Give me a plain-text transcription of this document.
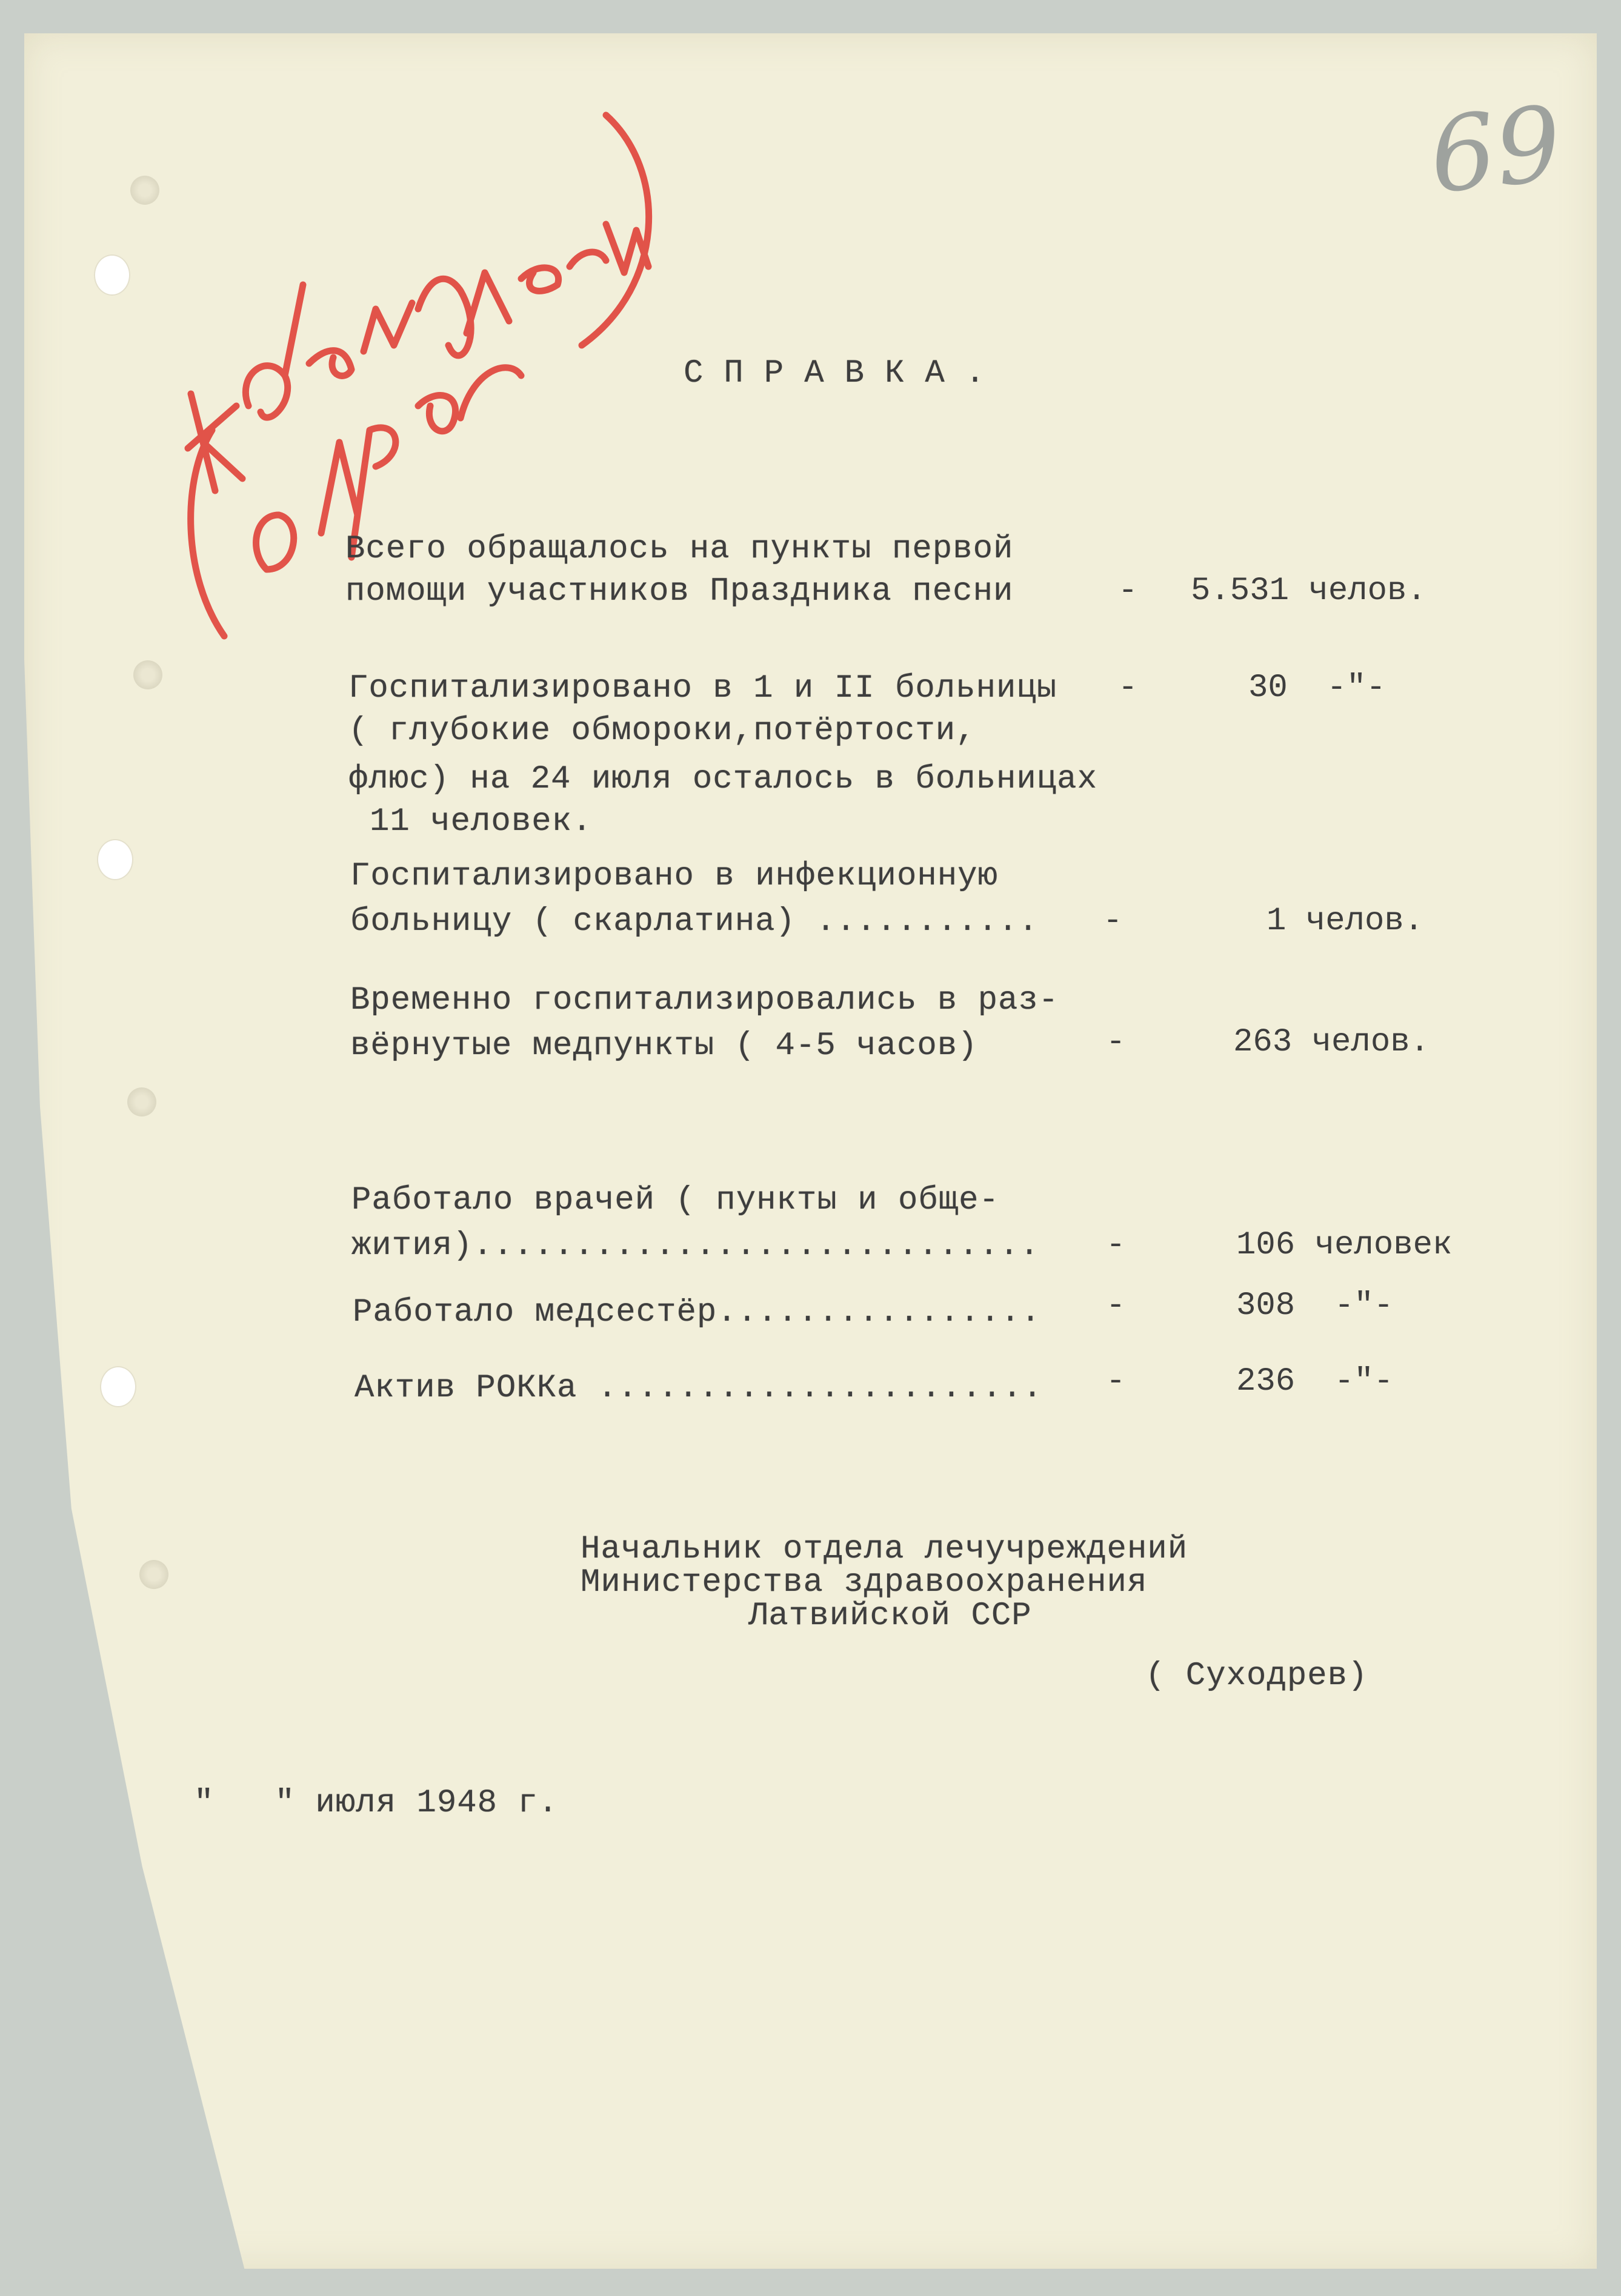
69
СПРАВКА.
Всего обращалось на пункты первой
помощи участников Праздника песни	- 5.531 челов.
Госпитализировано в 1 и II больницы
( глубокие обмороки,потёртости,
флюс) на 24 июля осталось в больницах
11 человек.
-	30  -"-
Госпитализировано в инфекционную
больницу ( скарлатина) ........... -	1 челов.
Временно госпитализировались в раз-
вёрнутые медпункты ( 4-5 часов)	-	263 челов.
Работало врачей ( пункты и обще-
жития)............................ -	106 человек
Работало медсестёр................ -	308  -"-
Актив РОККа ...................... -	236  -"-
Начальник отдела лечучреждений
Министерства здравоохранения
Латвийской ССР
( Суходрев)
"   " июля 1948 г.
